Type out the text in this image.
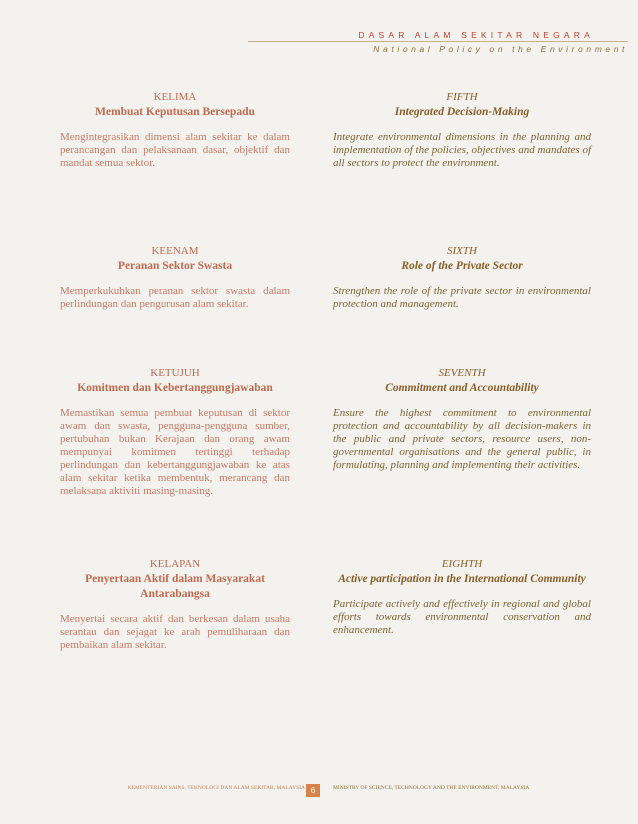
DASAR ALAM SEKITAR NEGARA
National Policy on the Environment
KELIMA
Membuat Keputusan Bersepadu
Mengintegrasikan dimensi alam sekitar ke dalam perancangan dan pelaksanaan dasar, objektif dan mandat semua sektor.
FIFTH
Integrated Decision-Making
Integrate environmental dimensions in the planning and implementation of the policies, objectives and mandates of all sectors to protect the environment.
KEENAM
Peranan Sektor Swasta
Memperkukuhkan peranan sektor swasta dalam perlindungan dan pengurusan alam sekitar.
SIXTH
Role of the Private Sector
Strengthen the role of the private sector in environmental protection and management.
KETUJUH
Komitmen dan Kebertanggungjawaban
Memastikan semua pembuat keputusan di sektor awam dan swasta, pengguna-pengguna sumber, pertubuhan bukan Kerajaan dan orang awam mempunyai komitmen tertinggi terhadap perlindungan dan kebertanggungjawaban ke atas alam sekitar ketika membentuk, merancang dan melaksana aktiviti masing-masing.
SEVENTH
Commitment and Accountability
Ensure the highest commitment to environmental protection and accountability by all decision-makers in the public and private sectors, resource users, non-governmental organisations and the general public, in formulating, planning and implementing their activities.
KELAPAN
Penyertaan Aktif dalam Masyarakat Antarabangsa
Menyertai secara aktif dan berkesan dalam usaha serantau dan sejagat ke arah pemuliharaan dan pembaikan alam sekitar.
EIGHTH
Active participation in the International Community
Participate actively and effectively in regional and global efforts towards environmental conservation and enhancement.
KEMENTERIAN SAINS, TEKNOLOGI DAN ALAM SEKITAR, MALAYSIA 6	MINISTRY OF SCIENCE, TECHNOLOGY AND THE ENVIRONMENT, MALAYSIA
